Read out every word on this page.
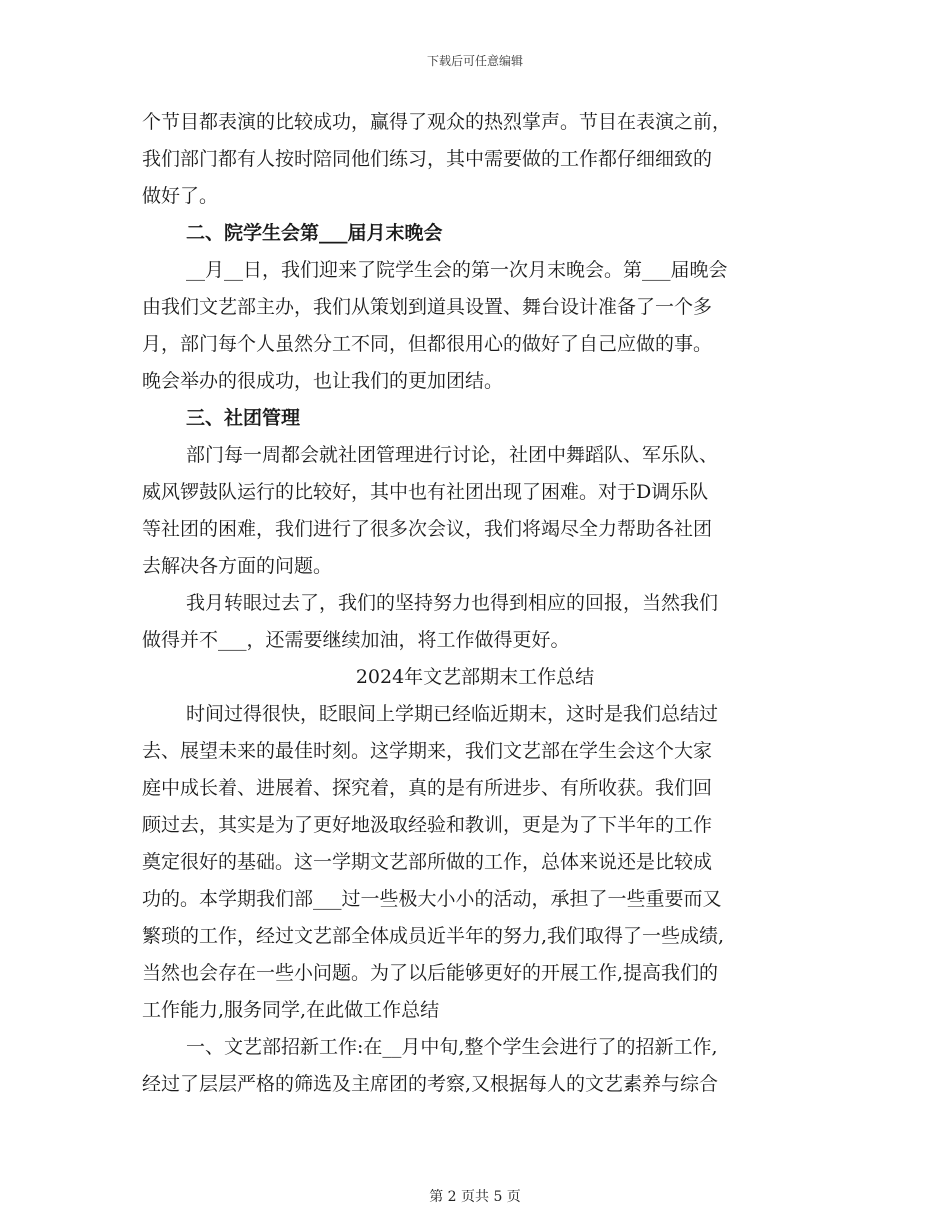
下载后可任意编辑
个节目都表演的比较成功，赢得了观众的热烈掌声。节目在表演之前，
我们部门都有人按时陪同他们练习，其中需要做的工作都仔细细致的
做好了。
二、院学生会第___届月末晚会
__月__日，我们迎来了院学生会的第一次月末晚会。第___届晚会
由我们文艺部主办，我们从策划到道具设置、舞台设计准备了一个多
月，部门每个人虽然分工不同，但都很用心的做好了自己应做的事。
晚会举办的很成功，也让我们的更加团结。
三、社团管理
部门每一周都会就社团管理进行讨论，社团中舞蹈队、军乐队、
威风锣鼓队运行的比较好，其中也有社团出现了困难。对于D调乐队
等社团的困难，我们进行了很多次会议，我们将竭尽全力帮助各社团
去解决各方面的问题。
我月转眼过去了，我们的坚持努力也得到相应的回报，当然我们
做得并不___，还需要继续加油，将工作做得更好。
2024年文艺部期末工作总结
时间过得很快，眨眼间上学期已经临近期末，这时是我们总结过
去、展望未来的最佳时刻。这学期来，我们文艺部在学生会这个大家
庭中成长着、进展着、探究着，真的是有所进步、有所收获。我们回
顾过去，其实是为了更好地汲取经验和教训，更是为了下半年的工作
奠定很好的基础。这一学期文艺部所做的工作，总体来说还是比较成
功的。本学期我们部___过一些极大小小的活动，承担了一些重要而又
繁琐的工作，经过文艺部全体成员近半年的努力,我们取得了一些成绩,
当然也会存在一些小问题。为了以后能够更好的开展工作,提高我们的
工作能力,服务同学,在此做工作总结
一、文艺部招新工作:在__月中旬,整个学生会进行了的招新工作,
经过了层层严格的筛选及主席团的考察,又根据每人的文艺素养与综合
第 2 页共 5 页
